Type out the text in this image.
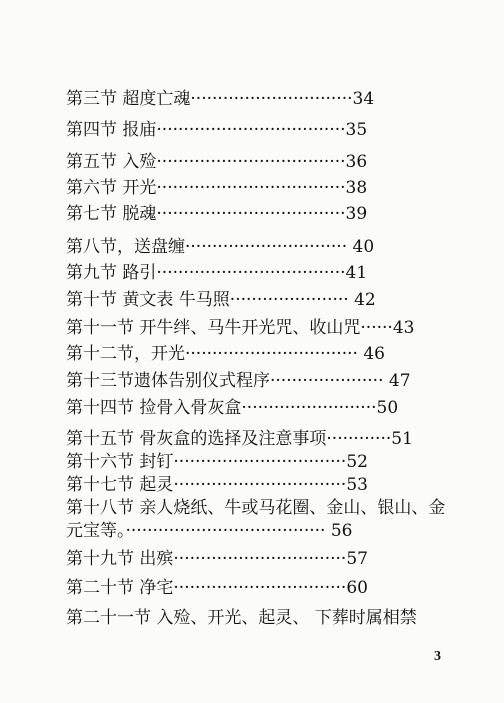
第三节 超度亡魂······························34
第四节 报庙···································35
第五节 入殓···································36
第六节 开光···································38
第七节 脱魂···································39
第八节，送盘缠······························ 40
第九节 路引···································41
第十节 黄文表 牛马照······················ 42
第十一节 开牛绊、马牛开光咒、收山咒······43
第十二节，开光································ 46
第十三节遗体告别仪式程序····················· 47
第十四节 捡骨入骨灰盒·························50
第十五节 骨灰盒的选择及注意事项············51
第十六节 封钉································52
第十七节 起灵································53
第十八节 亲人烧纸、牛或马花圈、金山、银山、金
元宝等。····································· 56
第十九节 出殡································57
第二十节 净宅································60
第二十一节 入殓、开光、起灵、 下葬时属相禁
3
